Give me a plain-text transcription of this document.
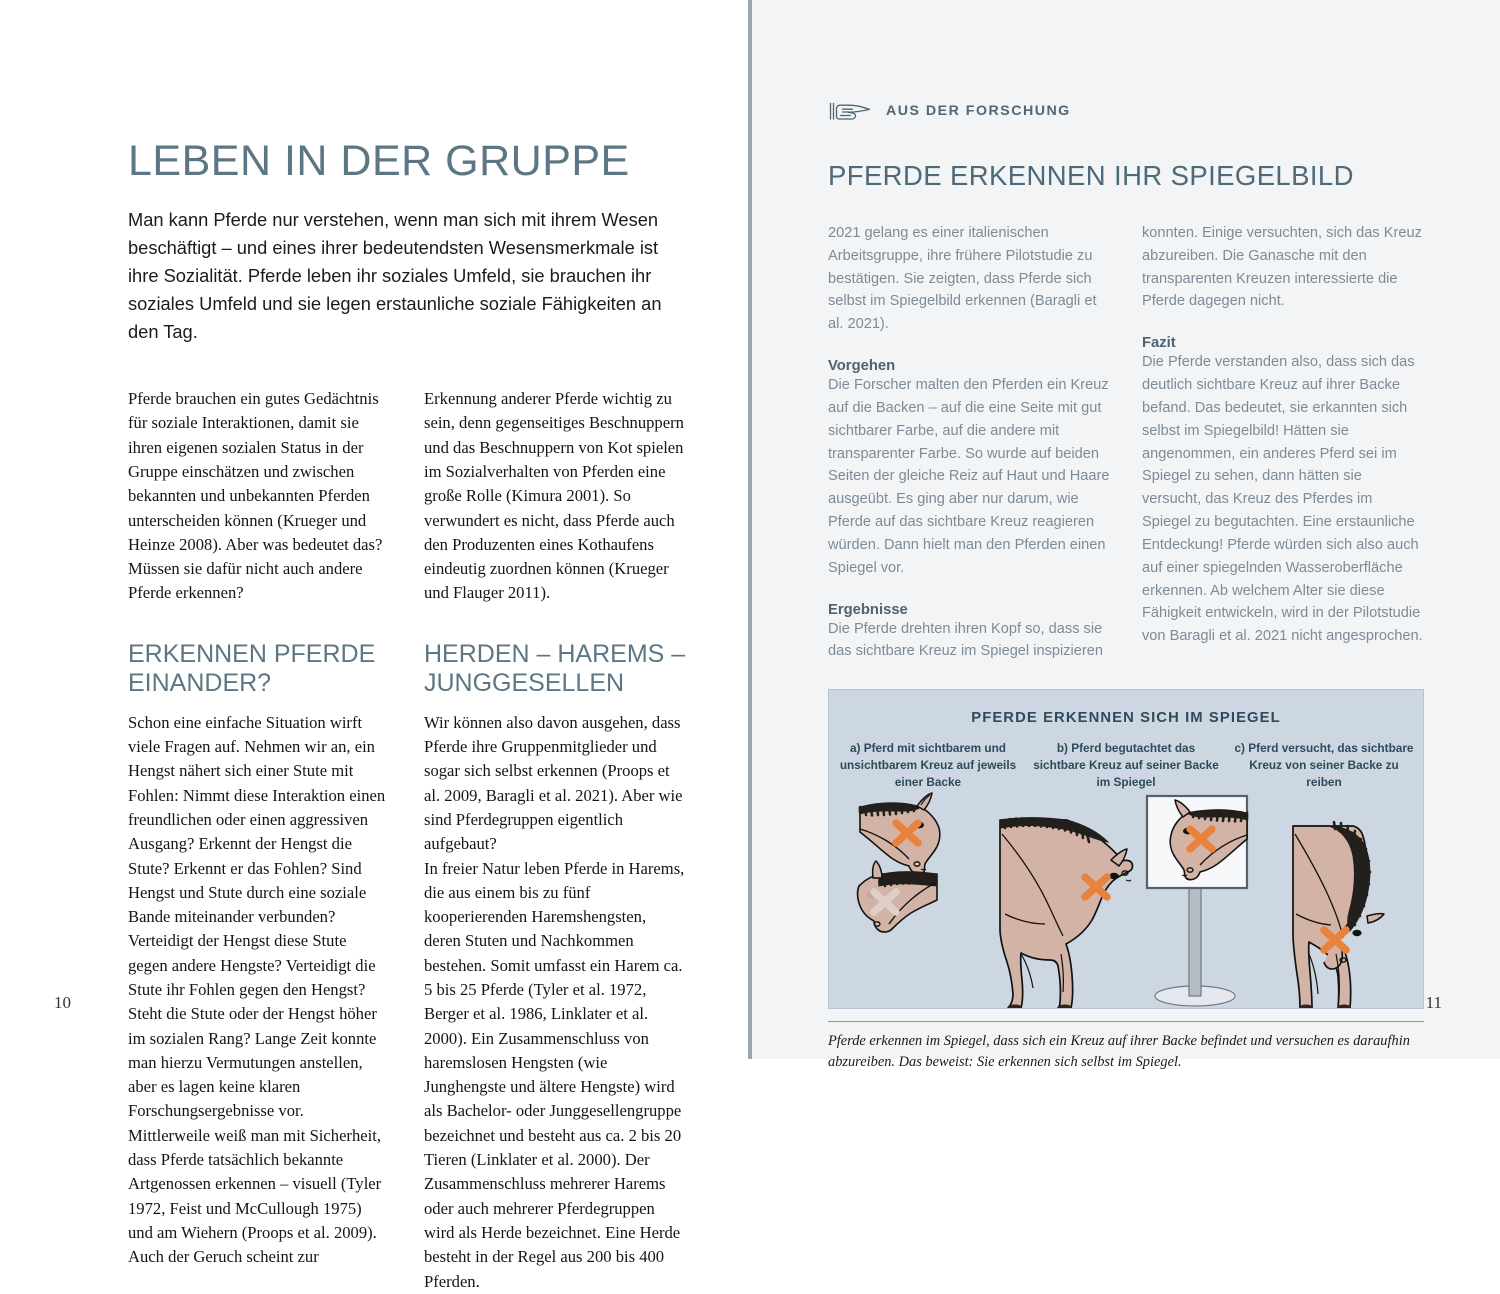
LEBEN IN DER GRUPPE
Man kann Pferde nur verstehen, wenn man sich mit ihrem Wesen beschäftigt – und eines ihrer bedeutendsten Wesensmerkmale ist ihre Sozialität. Pferde leben ihr soziales Umfeld, sie brauchen ihr soziales Umfeld und sie legen erstaunliche soziale Fähigkeiten an den Tag.

Pferde brauchen ein gutes Gedächtnis für soziale Interaktionen, damit sie ihren eigenen sozialen Status in der Gruppe einschätzen und zwischen bekannten und unbekannten Pferden unterscheiden können (Krueger und Heinze 2008). Aber was bedeutet das? Müssen sie dafür nicht auch andere Pferde erkennen?

ERKENNEN PFERDE EINANDER?

Schon eine einfache Situation wirft viele Fragen auf. Nehmen wir an, ein Hengst nähert sich einer Stute mit Fohlen: Nimmt diese Interaktion einen freundlichen oder einen aggressiven Ausgang? Erkennt der Hengst die Stute? Erkennt er das Fohlen? Sind Hengst und Stute durch eine soziale Bande miteinander verbunden? Verteidigt der Hengst diese Stute gegen andere Hengste? Verteidigt die Stute ihr Fohlen gegen den Hengst? Steht die Stute oder der Hengst höher im sozialen Rang? Lange Zeit konnte man hierzu Vermutungen anstellen, aber es lagen keine klaren Forschungsergebnisse vor.

Mittlerweile weiß man mit Sicherheit, dass Pferde tatsächlich bekannte Artgenossen erkennen – visuell (Tyler 1972, Feist und McCullough 1975) und am Wiehern (Proops et al. 2009). Auch der Geruch scheint zur

Erkennung anderer Pferde wichtig zu sein, denn gegenseitiges Beschnuppern und das Beschnuppern von Kot spielen im Sozialverhalten von Pferden eine große Rolle (Kimura 2001). So verwundert es nicht, dass Pferde auch den Produzenten eines Kothaufens eindeutig zuordnen können (Krueger und Flauger 2011).

HERDEN – HAREMS – JUNGGESELLEN

Wir können also davon ausgehen, dass Pferde ihre Gruppenmitglieder und sogar sich selbst erkennen (Proops et al. 2009, Baragli et al. 2021). Aber wie sind Pferdegruppen eigentlich aufgebaut?

In freier Natur leben Pferde in Harems, die aus einem bis zu fünf kooperierenden Haremshengsten, deren Stuten und Nachkommen bestehen. Somit umfasst ein Harem ca. 5 bis 25 Pferde (Tyler et al. 1972, Berger et al. 1986, Linklater et al. 2000). Ein Zusammenschluss von haremslosen Hengsten (wie Junghengste und ältere Hengste) wird als Bachelor- oder Junggesellengruppe bezeichnet und besteht aus ca. 2 bis 20 Tieren (Linklater et al. 2000). Der Zusammenschluss mehrerer Harems oder auch mehrerer Pferdegruppen wird als Herde bezeichnet. Eine Herde besteht in der Regel aus 200 bis 400 Pferden.

10
AUS DER FORSCHUNG
PFERDE ERKENNEN IHR SPIEGELBILD

2021 gelang es einer italienischen Arbeitsgruppe, ihre frühere Pilotstudie zu bestätigen. Sie zeigten, dass Pferde sich selbst im Spiegelbild erkennen (Baragli et al. 2021).

Vorgehen

Die Forscher malten den Pferden ein Kreuz auf die Backen – auf die eine Seite mit gut sichtbarer Farbe, auf die andere mit transparenter Farbe. So wurde auf beiden Seiten der gleiche Reiz auf Haut und Haare ausgeübt. Es ging aber nur darum, wie Pferde auf das sichtbare Kreuz reagieren würden. Dann hielt man den Pferden einen Spiegel vor.

Ergebnisse

Die Pferde drehten ihren Kopf so, dass sie das sichtbare Kreuz im Spiegel inspizieren

konnten. Einige versuchten, sich das Kreuz abzureiben. Die Ganasche mit den transparenten Kreuzen interessierte die Pferde dagegen nicht.

Fazit

Die Pferde verstanden also, dass sich das deutlich sichtbare Kreuz auf ihrer Backe befand. Das bedeutet, sie erkannten sich selbst im Spiegelbild! Hätten sie angenommen, ein anderes Pferd sei im Spiegel zu sehen, dann hätten sie versucht, das Kreuz des Pferdes im Spiegel zu begutachten. Eine erstaunliche Entdeckung! Pferde würden sich also auch auf einer spiegelnden Wasseroberfläche erkennen. Ab welchem Alter sie diese Fähigkeit entwickeln, wird in der Pilotstudie von Baragli et al. 2021 nicht angesprochen.

PFERDE ERKENNEN SICH IM SPIEGEL
a) Pferd mit sichtbarem und unsichtbarem Kreuz auf jeweils einer Backe
b) Pferd begutachtet das sichtbare Kreuz auf seiner Backe im Spiegel
c) Pferd versucht, das sichtbare Kreuz von seiner Backe zu reiben
Pferde erkennen im Spiegel, dass sich ein Kreuz auf ihrer Backe befindet und versuchen es daraufhin abzureiben. Das beweist: Sie erkennen sich selbst im Spiegel.
11
